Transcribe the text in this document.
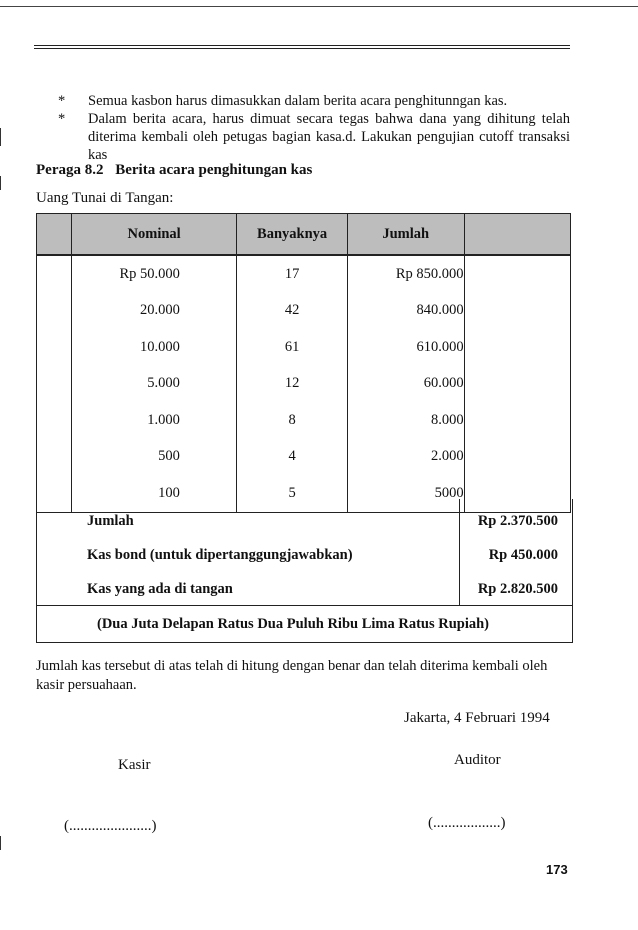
*	Semua kasbon harus dimasukkan dalam berita acara penghitunngan kas.
*	Dalam berita acara, harus dimuat secara tegas bahwa dana yang dihitung telah diterima kembali oleh petugas bagian kasa.d. Lakukan pengujian cutoff transaksi kas
Peraga 8.2 Berita acara penghitungan kas
Uang Tunai di Tangan:
	Nominal	Banyaknya	Jumlah	
	Rp 50.000	17	Rp 850.000	
	20.000	42	840.000	
	10.000	61	610.000	
	5.000	12	60.000	
	1.000	8	8.000	
	500	4	2.000	
	100	5	5000	
Jumlah	Rp 2.370.500
Kas bond (untuk dipertanggungjawabkan)	Rp 450.000
Kas yang ada di tangan	Rp 2.820.500
(Dua Juta Delapan Ratus Dua Puluh Ribu Lima Ratus Rupiah)
Jumlah kas tersebut di atas telah di hitung dengan benar dan telah diterima kembali oleh kasir persuahaan.
Jakarta, 4 Februari 1994
Kasir	Auditor
(......................)	(..................)
173
